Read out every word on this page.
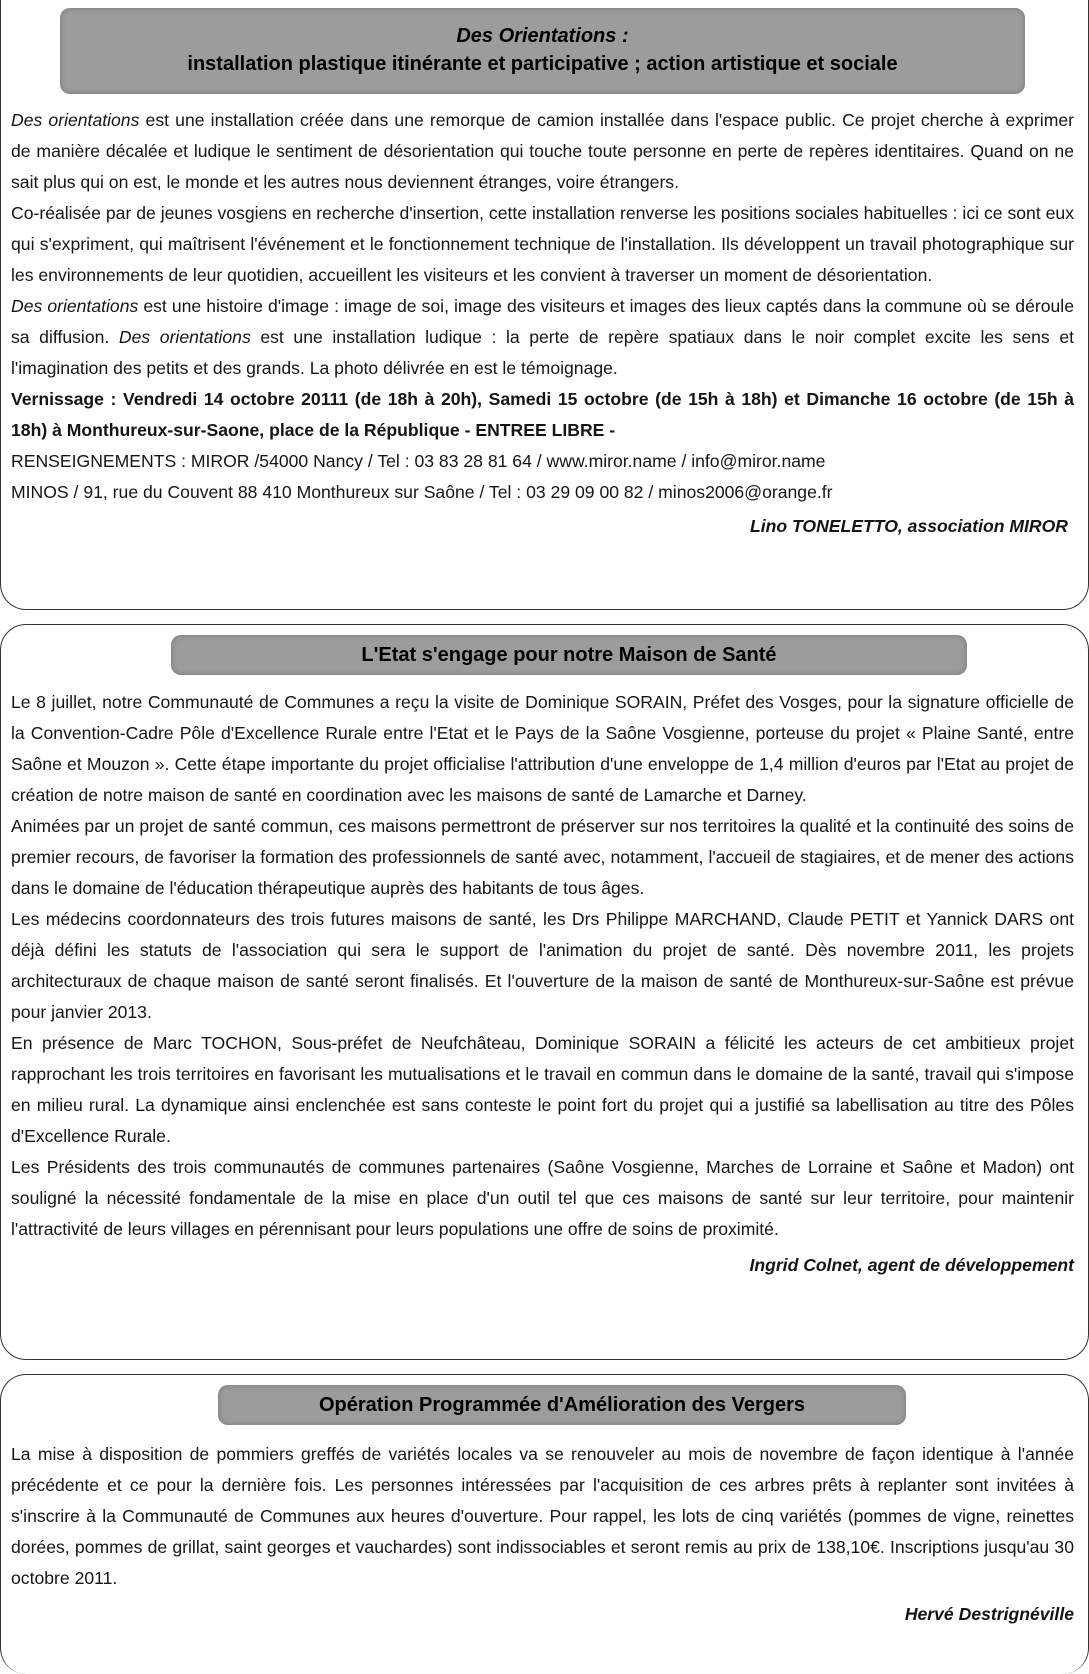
Des Orientations :
installation plastique itinérante et participative ; action artistique et sociale

Des orientations est une installation créée dans une remorque de camion installée dans l'espace public. Ce projet cherche à exprimer de manière décalée et ludique le sentiment de désorientation qui touche toute personne en perte de repères identitaires. Quand on ne sait plus qui on est, le monde et les autres nous deviennent étranges, voire étrangers.

Co-réalisée par de jeunes vosgiens en recherche d'insertion, cette installation renverse les positions sociales habituelles : ici ce sont eux qui s'expriment, qui maîtrisent l'événement et le fonctionnement technique de l'installation. Ils développent un travail photographique sur les environnements de leur quotidien, accueillent les visiteurs et les convient à traverser un moment de désorientation.

Des orientations est une histoire d'image : image de soi, image des visiteurs et images des lieux captés dans la commune où se déroule sa diffusion. Des orientations est une installation ludique : la perte de repère spatiaux dans le noir complet excite les sens et l'imagination des petits et des grands. La photo délivrée en est le témoignage.

Vernissage : Vendredi 14 octobre 20111 (de 18h à 20h), Samedi 15 octobre (de 15h à 18h) et Dimanche 16 octobre (de 15h à 18h) à Monthureux-sur-Saone, place de la République - ENTREE LIBRE -

RENSEIGNEMENTS : MIROR /54000 Nancy / Tel : 03 83 28 81 64 / www.miror.name / info@miror.name

MINOS / 91, rue du Couvent 88 410 Monthureux sur Saône / Tel : 03 29 09 00 82 / minos2006@orange.fr

Lino TONELETTO, association MIROR

L'Etat s'engage pour notre Maison de Santé

Le 8 juillet, notre Communauté de Communes a reçu la visite de Dominique SORAIN, Préfet des Vosges, pour la signature officielle de la Convention-Cadre Pôle d'Excellence Rurale entre l'Etat et le Pays de la Saône Vosgienne, porteuse du projet « Plaine Santé, entre Saône et Mouzon ». Cette étape importante du projet officialise l'attribution d'une enveloppe de 1,4 million d'euros par l'Etat au projet de création de notre maison de santé en coordination avec les maisons de santé de Lamarche et Darney.

Animées par un projet de santé commun, ces maisons permettront de préserver sur nos territoires la qualité et la continuité des soins de premier recours, de favoriser la formation des professionnels de santé avec, notamment, l'accueil de stagiaires, et de mener des actions dans le domaine de l'éducation thérapeutique auprès des habitants de tous âges.

Les médecins coordonnateurs des trois futures maisons de santé, les Drs Philippe MARCHAND, Claude PETIT et Yannick DARS ont déjà défini les statuts de l'association qui sera le support de l'animation du projet de santé. Dès novembre 2011, les projets architecturaux de chaque maison de santé seront finalisés. Et l'ouverture de la maison de santé de Monthureux-sur-Saône est prévue pour janvier 2013.

En présence de Marc TOCHON, Sous-préfet de Neufchâteau, Dominique SORAIN a félicité les acteurs de cet ambitieux projet rapprochant les trois territoires en favorisant les mutualisations et le travail en commun dans le domaine de la santé, travail qui s'impose en milieu rural. La dynamique ainsi enclenchée est sans conteste le point fort du projet qui a justifié sa labellisation au titre des Pôles d'Excellence Rurale.

Les Présidents des trois communautés de communes partenaires (Saône Vosgienne, Marches de Lorraine et Saône et Madon) ont souligné la nécessité fondamentale de la mise en place d'un outil tel que ces maisons de santé sur leur territoire, pour maintenir l'attractivité de leurs villages en pérennisant pour leurs populations une offre de soins de proximité.

Ingrid Colnet, agent de développement

Opération Programmée d'Amélioration des Vergers

La mise à disposition de pommiers greffés de variétés locales va se renouveler au mois de novembre de façon identique à l'année précédente et ce pour la dernière fois. Les personnes intéressées par l'acquisition de ces arbres prêts à replanter sont invitées à s'inscrire à la Communauté de Communes aux heures d'ouverture. Pour rappel, les lots de cinq variétés (pommes de vigne, reinettes dorées, pommes de grillat, saint georges et vauchardes) sont indissociables et seront remis au prix de 138,10€. Inscriptions jusqu'au 30 octobre 2011.

Hervé Destrignéville
